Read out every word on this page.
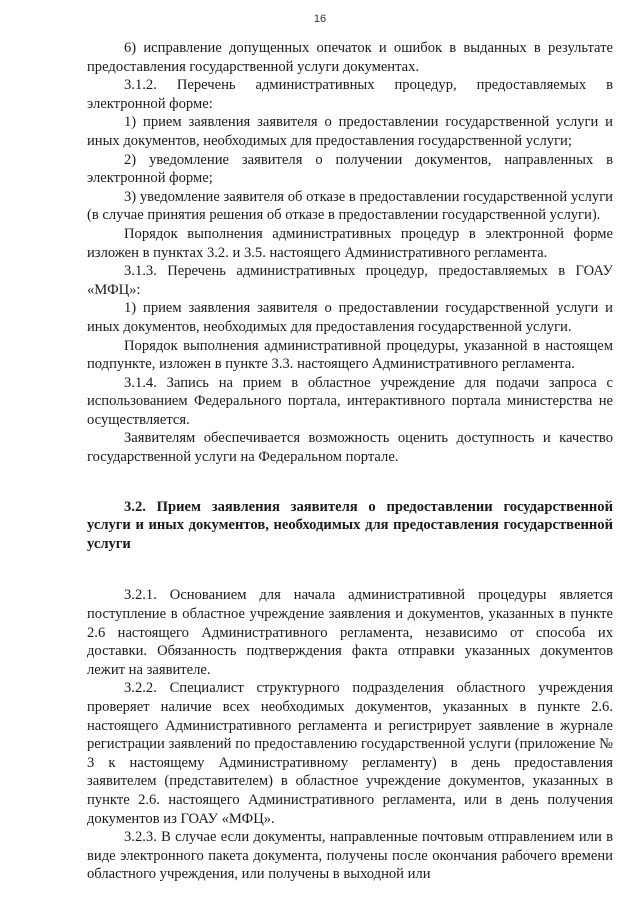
16

6) исправление допущенных опечаток и ошибок в выданных в результате предоставления государственной услуги документах.

3.1.2. Перечень административных процедур, предоставляемых в электронной форме:

1) прием заявления заявителя о предоставлении государственной услуги и иных документов, необходимых для предоставления государственной услуги;

2) уведомление заявителя о получении документов, направленных в электронной форме;

3) уведомление заявителя об отказе в предоставлении государственной услуги (в случае принятия решения об отказе в предоставлении государственной услуги).

Порядок выполнения административных процедур в электронной форме изложен в пунктах 3.2. и 3.5. настоящего Административного регламента.

3.1.3. Перечень административных процедур, предоставляемых в ГОАУ «МФЦ»:

1) прием заявления заявителя о предоставлении государственной услуги и иных документов, необходимых для предоставления государственной услуги.

Порядок выполнения административной процедуры, указанной в настоящем подпункте, изложен в пункте 3.3. настоящего Административного регламента.

3.1.4. Запись на прием в областное учреждение для подачи запроса с использованием Федерального портала, интерактивного портала министерства не осуществляется.

Заявителям обеспечивается возможность оценить доступность и качество государственной услуги на Федеральном портале.

3.2. Прием заявления заявителя о предоставлении государственной услуги и иных документов, необходимых для предоставления государственной услуги

3.2.1. Основанием для начала административной процедуры является поступление в областное учреждение заявления и документов, указанных в пункте 2.6 настоящего Административного регламента, независимо от способа их доставки. Обязанность подтверждения факта отправки указанных документов лежит на заявителе.

3.2.2. Специалист структурного подразделения областного учреждения проверяет наличие всех необходимых документов, указанных в пункте 2.6. настоящего Административного регламента и регистрирует заявление в журнале регистрации заявлений по предоставлению государственной услуги (приложение № 3 к настоящему Административному регламенту) в день предоставления заявителем (представителем) в областное учреждение документов, указанных в пункте 2.6. настоящего Административного регламента, или в день получения документов из ГОАУ «МФЦ».

3.2.3. В случае если документы, направленные почтовым отправлением или в виде электронного пакета документа, получены после окончания рабочего времени областного учреждения, или получены в выходной или
